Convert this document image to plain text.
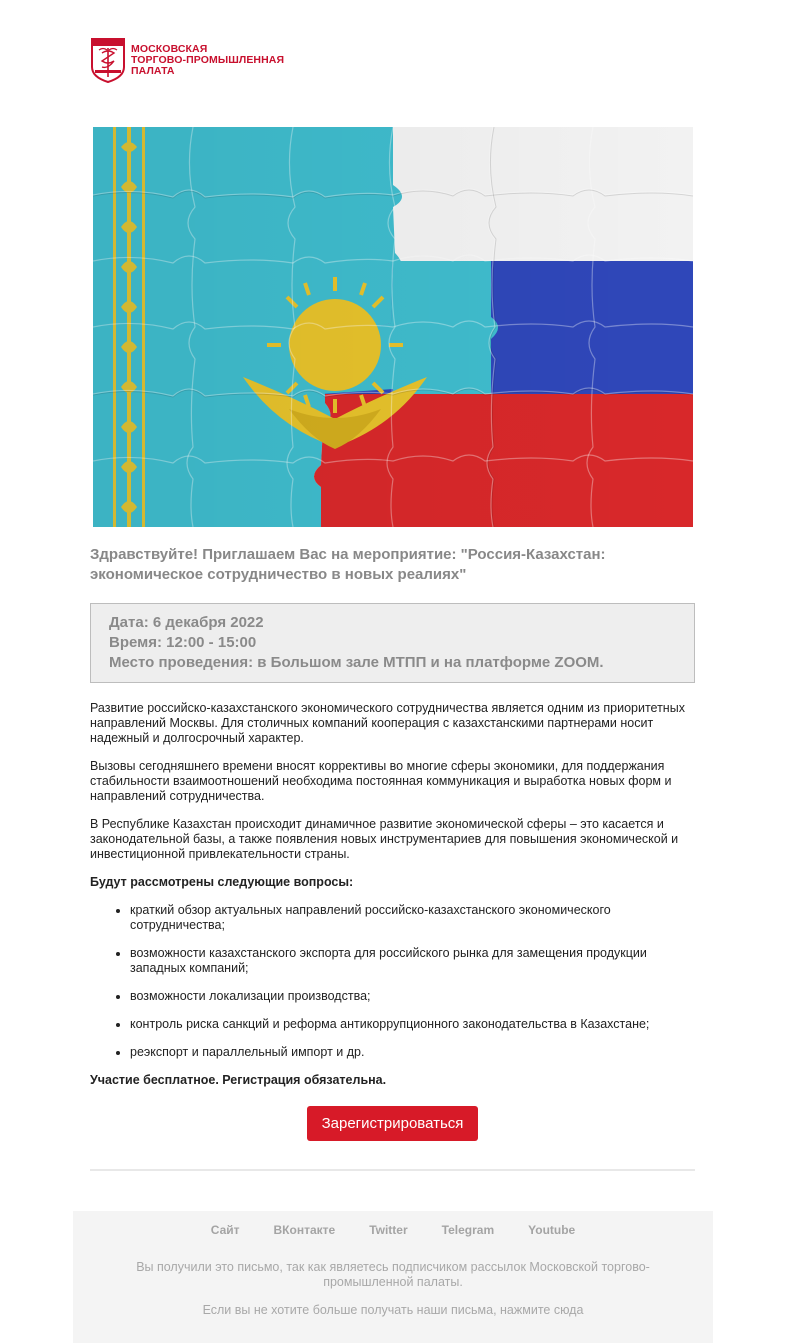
МОСКОВСКАЯ
ТОРГОВО-ПРОМЫШЛЕННАЯ
ПАЛАТА
Здравствуйте! Приглашаем Вас на мероприятие: "Россия-Казахстан: экономическое сотрудничество в новых реалиях"
Дата: 6 декабря 2022
Время: 12:00 - 15:00
Место проведения: в Большом зале МТПП и на платформе ZOOM.

Развитие российско-казахстанского экономического сотрудничества является одним из приоритетных направлений Москвы. Для столичных компаний кооперация с казахстанскими партнерами носит надежный и долгосрочный характер.

Вызовы сегодняшнего времени вносят коррективы во многие сферы экономики, для поддержания стабильности взаимоотношений необходима постоянная коммуникация и выработка новых форм и направлений сотрудничества.

В Республике Казахстан происходит динамичное развитие экономической сферы – это касается и законодательной базы, а также появления новых инструментариев для повышения экономической и инвестиционной привлекательности страны.

Будут рассмотрены следующие вопросы:

• краткий обзор актуальных направлений российско-казахстанского экономического сотрудничества;
• возможности казахстанского экспорта для российского рынка для замещения продукции западных компаний;
• возможности локализации производства;
• контроль риска санкций и реформа антикоррупционного законодательства в Казахстане;
• реэкспорт и параллельный импорт и др.

Участие бесплатное. Регистрация обязательна.

Зарегистрироваться
Сайт	ВКонтакте	Twitter	Telegram	Youtube
Вы получили это письмо, так как являетесь подписчиком рассылок Московской торгово-промышленной палаты.
Если вы не хотите больше получать наши письма, нажмите сюда
